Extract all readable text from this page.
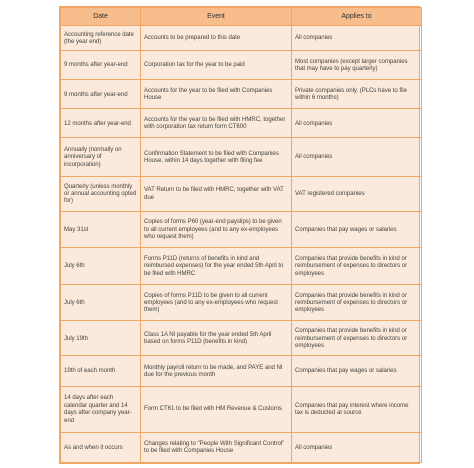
Date	Event	Applies to
Accounting reference date (the year end)	Accounts to be prepared to this date	All companies
9 months after year-end	Corporation tax for the year to be paid	Most companies (except larger companies that may have to pay quarterly)
9 months after year-end	Accounts for the year to be filed with Companies House	Private companies only. (PLCs have to file within 6 months)
12 months after year-end	Accounts for the year to be filed with HMRC, together with corporation tax return form CT600	All companies
Annually (normally on anniversary of incorporation)	Confirmation Statement to be filed with Companies House, within 14 days together with filing fee	All companies
Quarterly (unless monthly or annual accounting opted for)	VAT Return to be filed with HMRC, together with VAT due	VAT registered companies
May 31st	Copies of forms P60 (year-end payslips) to be given to all current employees (and to any ex-employees who request them)	Companies that pay wages or salaries
July 6th	Forms P11D (returns of benefits in kind and reimbursed expenses) for the year ended 5th April to be filed with HMRC	Companies that provide benefits in kind or reimbursement of expenses to directors or employees
July 6th	Copies of forms P11D to be given to all current employees (and to any ex-employees who request them)	Companies that provide benefits in kind or reimbursement of expenses to directors or employees
July 19th	Class 1A NI payable for the year ended 5th April based on forms P11D (benefits in kind)	Companies that provide benefits in kind or reimbursement of expenses to directors or employees
19th of each month	Monthly payroll return to be made, and PAYE and NI due for the previous month	Companies that pay wages or salaries
14 days after each calendar quarter and 14 days after company year-end	Form CT61 to be filed with HM Revenue & Customs	Companies that pay interest where income tax is deducted at source
As and when it occurs	Changes relating to "People With Significant Control" to be filed with Companies House	All companies
